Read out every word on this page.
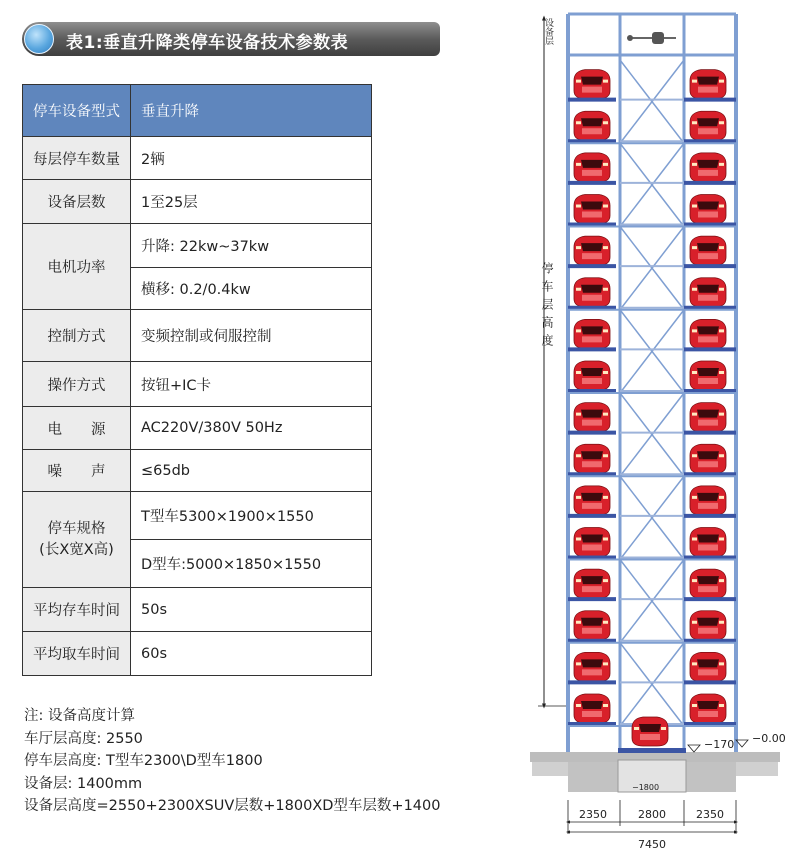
表1:垂直升降类停车设备技术参数表
停车设备型式	垂直升降
每层停车数量	2辆
设备层数	1至25层
电机功率	升降: 22kw~37kw
	横移: 0.2/0.4kw
控制方式	变频控制或伺服控制
操作方式	按钮+IC卡
电　　源	AC220V/380V 50Hz
噪　　声	≤65db

停车规格
(长X宽X高)	T型车5300×1900×1550
	D型车:5000×1850×1550
平均存车时间	50s
平均取车时间	60s
注: 设备高度计算
车厅层高度: 2550
停车层高度: T型车2300\D型车1800
设备层: 1400mm
设备层高度=2550+2300XSUV层数+1800XD型车层数+1400
设备层
停车层高度
−170 −0.00
−1800
2350	2800	2350
7450
